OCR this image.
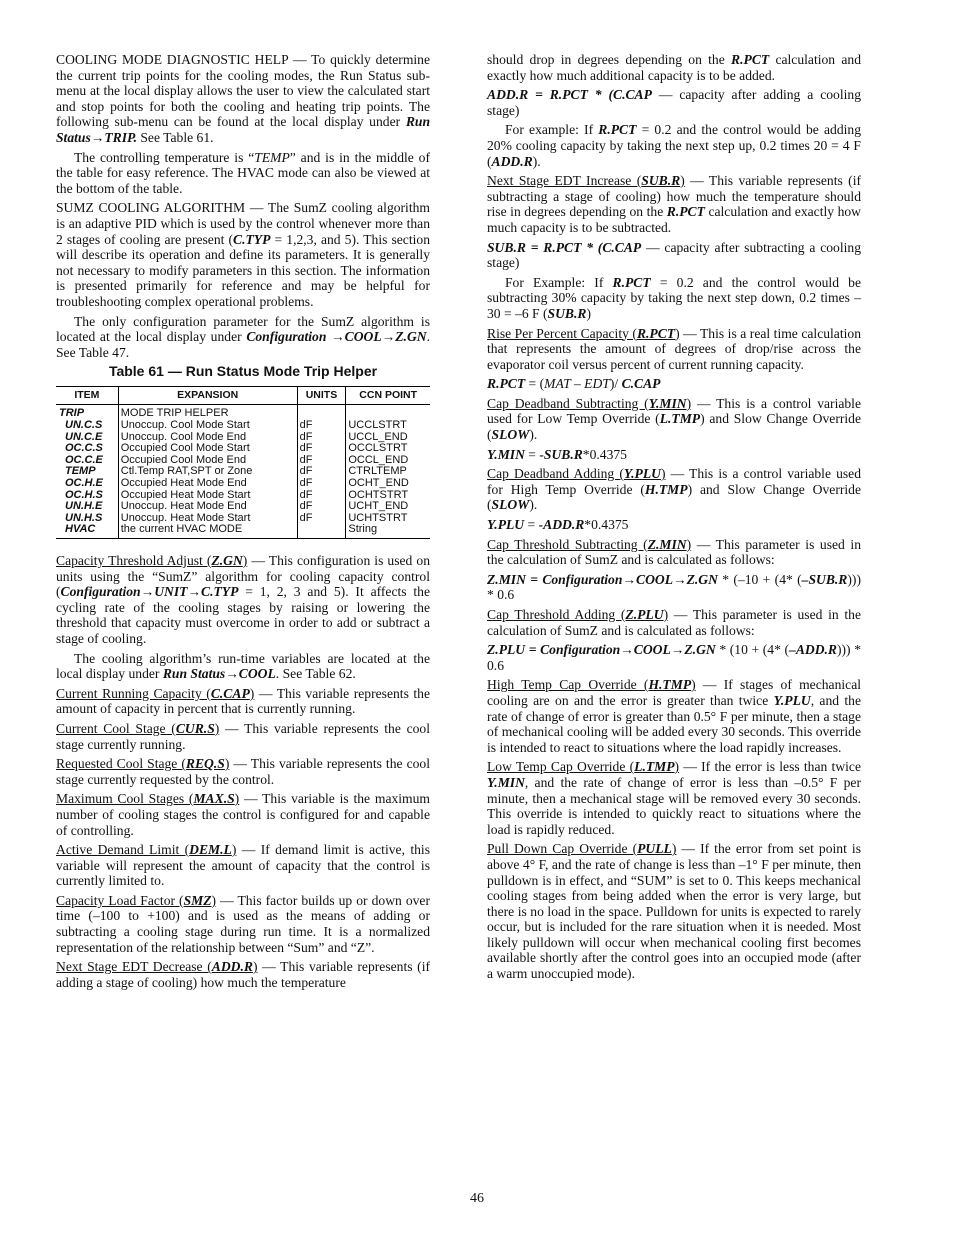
COOLING MODE DIAGNOSTIC HELP — To quickly determine the current trip points for the cooling modes, the Run Status sub-menu at the local display allows the user to view the calculated start and stop points for both the cooling and heating trip points. The following sub-menu can be found at the local display under Run Status→TRIP. See Table 61.

The controlling temperature is “TEMP” and is in the middle of the table for easy reference. The HVAC mode can also be viewed at the bottom of the table.

SUMZ COOLING ALGORITHM — The SumZ cooling algorithm is an adaptive PID which is used by the control whenever more than 2 stages of cooling are present (C.TYP = 1,2,3, and 5). This section will describe its operation and define its parameters. It is generally not necessary to modify parameters in this section. The information is presented primarily for reference and may be helpful for troubleshooting complex operational problems.

The only configuration parameter for the SumZ algorithm is located at the local display under Configuration →COOL→Z.GN. See Table 47.

Table 61 — Run Status Mode Trip Helper
ITEM	EXPANSION	UNITS	CCN POINT
TRIP	MODE TRIP HELPER		
UN.C.S	Unoccup. Cool Mode Start	dF	UCCLSTRT
UN.C.E	Unoccup. Cool Mode End	dF	UCCL_END
OC.C.S	Occupied Cool Mode Start	dF	OCCLSTRT
OC.C.E	Occupied Cool Mode End	dF	OCCL_END
TEMP	Ctl.Temp RAT,SPT or Zone	dF	CTRLTEMP
OC.H.E	Occupied Heat Mode End	dF	OCHT_END
OC.H.S	Occupied Heat Mode Start	dF	OCHTSTRT
UN.H.E	Unoccup. Heat Mode End	dF	UCHT_END
UN.H.S	Unoccup. Heat Mode Start	dF	UCHTSTRT
HVAC	the current HVAC MODE		String

Capacity Threshold Adjust (Z.GN) — This configuration is used on units using the “SumZ” algorithm for cooling capacity control (Configuration→UNIT→C.TYP = 1, 2, 3 and 5). It affects the cycling rate of the cooling stages by raising or lowering the threshold that capacity must overcome in order to add or subtract a stage of cooling.

The cooling algorithm’s run-time variables are located at the local display under Run Status→COOL. See Table 62.

Current Running Capacity (C.CAP) — This variable represents the amount of capacity in percent that is currently running.

Current Cool Stage (CUR.S) — This variable represents the cool stage currently running.

Requested Cool Stage (REQ.S) — This variable represents the cool stage currently requested by the control.

Maximum Cool Stages (MAX.S) — This variable is the maximum number of cooling stages the control is configured for and capable of controlling.

Active Demand Limit (DEM.L) — If demand limit is active, this variable will represent the amount of capacity that the control is currently limited to.

Capacity Load Factor (SMZ) — This factor builds up or down over time (–100 to +100) and is used as the means of adding or subtracting a cooling stage during run time. It is a normalized representation of the relationship between “Sum” and “Z”.

Next Stage EDT Decrease (ADD.R) — This variable represents (if adding a stage of cooling) how much the temperature

should drop in degrees depending on the R.PCT calculation and exactly how much additional capacity is to be added.

ADD.R = R.PCT * (C.CAP — capacity after adding a cooling stage)

For example: If R.PCT = 0.2 and the control would be adding 20% cooling capacity by taking the next step up, 0.2 times 20 = 4 F (ADD.R).

Next Stage EDT Increase (SUB.R) — This variable represents (if subtracting a stage of cooling) how much the temperature should rise in degrees depending on the R.PCT calculation and exactly how much capacity is to be subtracted.

SUB.R = R.PCT * (C.CAP — capacity after subtracting a cooling stage)

For Example: If R.PCT = 0.2 and the control would be subtracting 30% capacity by taking the next step down, 0.2 times –30 = –6 F (SUB.R)

Rise Per Percent Capacity (R.PCT) — This is a real time calculation that represents the amount of degrees of drop/rise across the evaporator coil versus percent of current running capacity.

R.PCT = (MAT – EDT)/ C.CAP

Cap Deadband Subtracting (Y.MIN) — This is a control variable used for Low Temp Override (L.TMP) and Slow Change Override (SLOW).

Y.MIN = -SUB.R*0.4375

Cap Deadband Adding (Y.PLU) — This is a control variable used for High Temp Override (H.TMP) and Slow Change Override (SLOW).

Y.PLU = -ADD.R*0.4375

Cap Threshold Subtracting (Z.MIN) — This parameter is used in the calculation of SumZ and is calculated as follows:

Z.MIN = Configuration→COOL→Z.GN * (–10 + (4* (–SUB.R))) * 0.6

Cap Threshold Adding (Z.PLU) — This parameter is used in the calculation of SumZ and is calculated as follows:

Z.PLU = Configuration→COOL→Z.GN * (10 + (4* (–ADD.R))) * 0.6

High Temp Cap Override (H.TMP) — If stages of mechanical cooling are on and the error is greater than twice Y.PLU, and the rate of change of error is greater than 0.5° F per minute, then a stage of mechanical cooling will be added every 30 seconds. This override is intended to react to situations where the load rapidly increases.

Low Temp Cap Override (L.TMP) — If the error is less than twice Y.MIN, and the rate of change of error is less than –0.5° F per minute, then a mechanical stage will be removed every 30 seconds. This override is intended to quickly react to situations where the load is rapidly reduced.

Pull Down Cap Override (PULL) — If the error from set point is above 4° F, and the rate of change is less than –1° F per minute, then pulldown is in effect, and “SUM” is set to 0. This keeps mechanical cooling stages from being added when the error is very large, but there is no load in the space. Pulldown for units is expected to rarely occur, but is included for the rare situation when it is needed. Most likely pulldown will occur when mechanical cooling first becomes available shortly after the control goes into an occupied mode (after a warm unoccupied mode).

46
